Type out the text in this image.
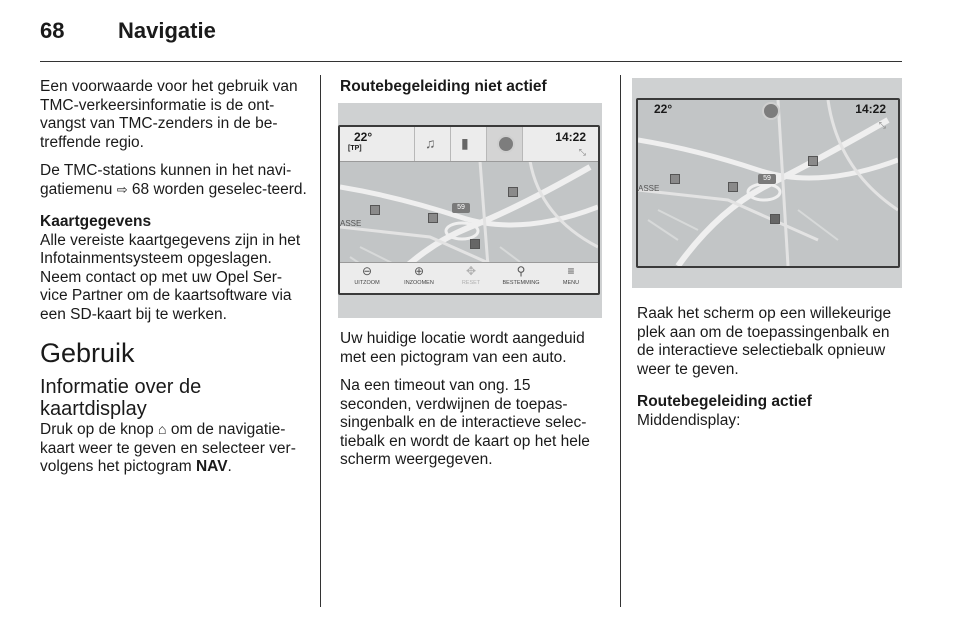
68 Navigatie

Een voorwaarde voor het gebruik van TMC-verkeersinformatie is de ont-vangst van TMC-zenders in de be-treffende regio.

De TMC-stations kunnen in het navi-gatiemenu ⇨ 68 worden geselec-teerd.

Kaartgegevens

Alle vereiste kaartgegevens zijn in het Infotainmentsysteem opgeslagen. Neem contact op met uw Opel Ser-vice Partner om de kaartsoftware via een SD-kaart bij te werken.

Gebruik
Informatie over de kaartdisplay

Druk op de knop ⌂ om de navigatie-kaart weer te geven en selecteer ver-volgens het pictogram NAV.

Routebegeleiding niet actief

22°
[TP]	♫ ▮	14:22
⤡
59
ASSE
⊖
UITZOOM
⊕
INZOOMEN
✥
RESET
⚲
BESTEMMING
≡
MENU

Uw huidige locatie wordt aangeduid met een pictogram van een auto.

Na een timeout van ong. 15 seconden, verdwijnen de toepas-singenbalk en de interactieve selec-tiebalk en wordt de kaart op het hele scherm weergegeven.

22°	14:22
⤡
59
ASSE

Raak het scherm op een willekeurige plek aan om de toepassingenbalk en de interactieve selectiebalk opnieuw weer te geven.

Routebegeleiding actief

Middendisplay:
